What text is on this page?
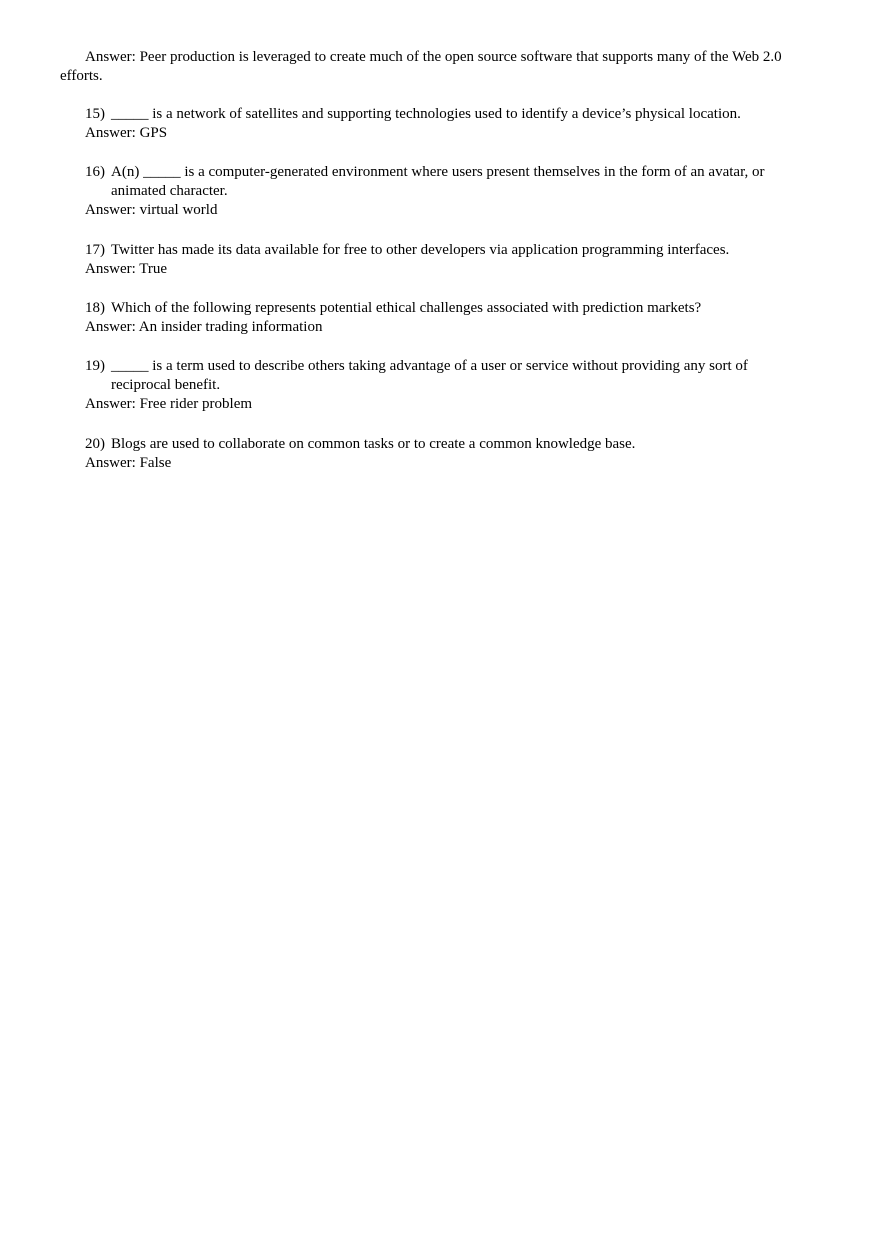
Answer: Peer production is leveraged to create much of the open source software that supports many of the Web 2.0 efforts.

15) _____ is a network of satellites and supporting technologies used to identify a device’s physical location.

Answer: GPS

16) A(n) _____ is a computer-generated environment where users present themselves in the form of an avatar, or animated character.

Answer: virtual world

17) Twitter has made its data available for free to other developers via application programming interfaces.

Answer: True

18) Which of the following represents potential ethical challenges associated with prediction markets?

Answer: An insider trading information

19) _____ is a term used to describe others taking advantage of a user or service without providing any sort of reciprocal benefit.

Answer: Free rider problem

20) Blogs are used to collaborate on common tasks or to create a common knowledge base.

Answer: False
